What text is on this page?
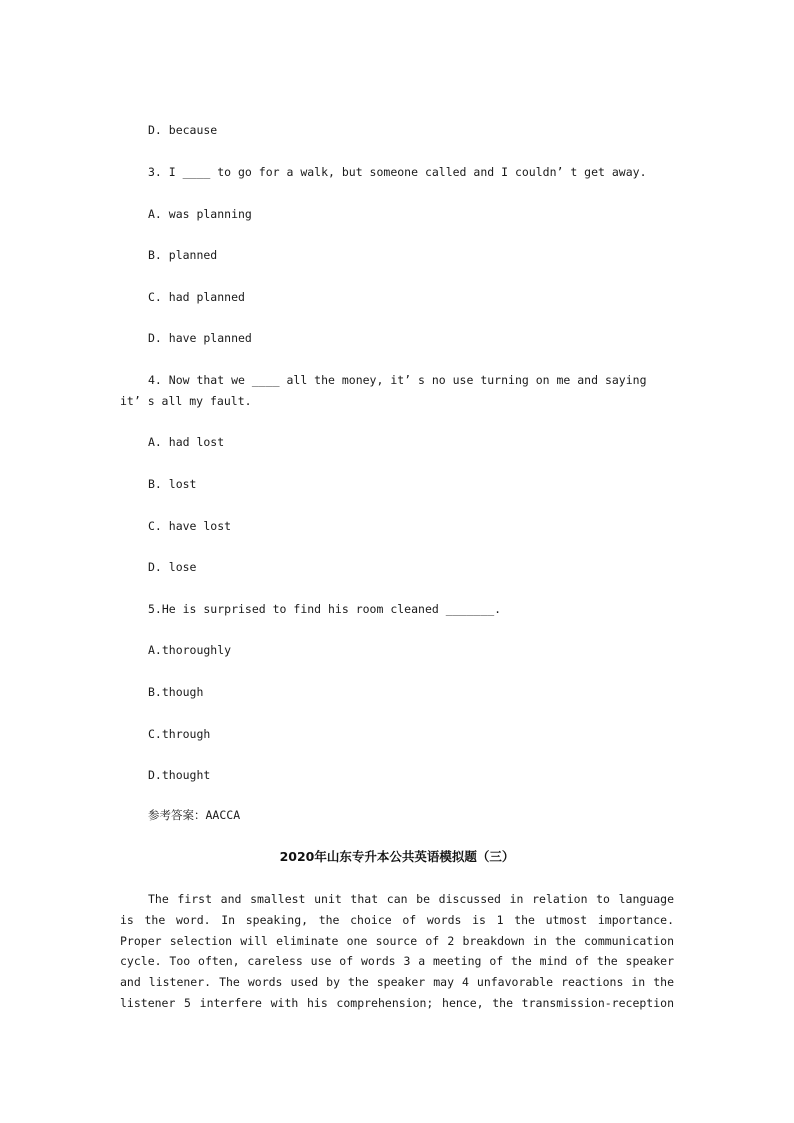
D. because
3. I ____ to go for a walk, but someone called and I couldn’ t get away.
A. was planning
B. planned
C. had planned
D. have planned
4. Now that we ____ all the money, it’ s no use turning on me and saying
it’ s all my fault.
A. had lost
B. lost
C. have lost
D. lose
5.He is surprised to find his room cleaned _______.
A.thoroughly
B.though
C.through
D.thought
参考答案：AACCA
2020年山东专升本公共英语模拟题（三）
The first and smallest unit that can be discussed in relation to language
is the word. In speaking, the choice of words is 1 the utmost importance.
Proper selection will eliminate one source of 2 breakdown in the communication
cycle. Too often, careless use of words 3 a meeting of the mind of the speaker
and listener. The words used by the speaker may 4 unfavorable reactions in the
listener 5 interfere with his comprehension; hence, the transmission-reception
